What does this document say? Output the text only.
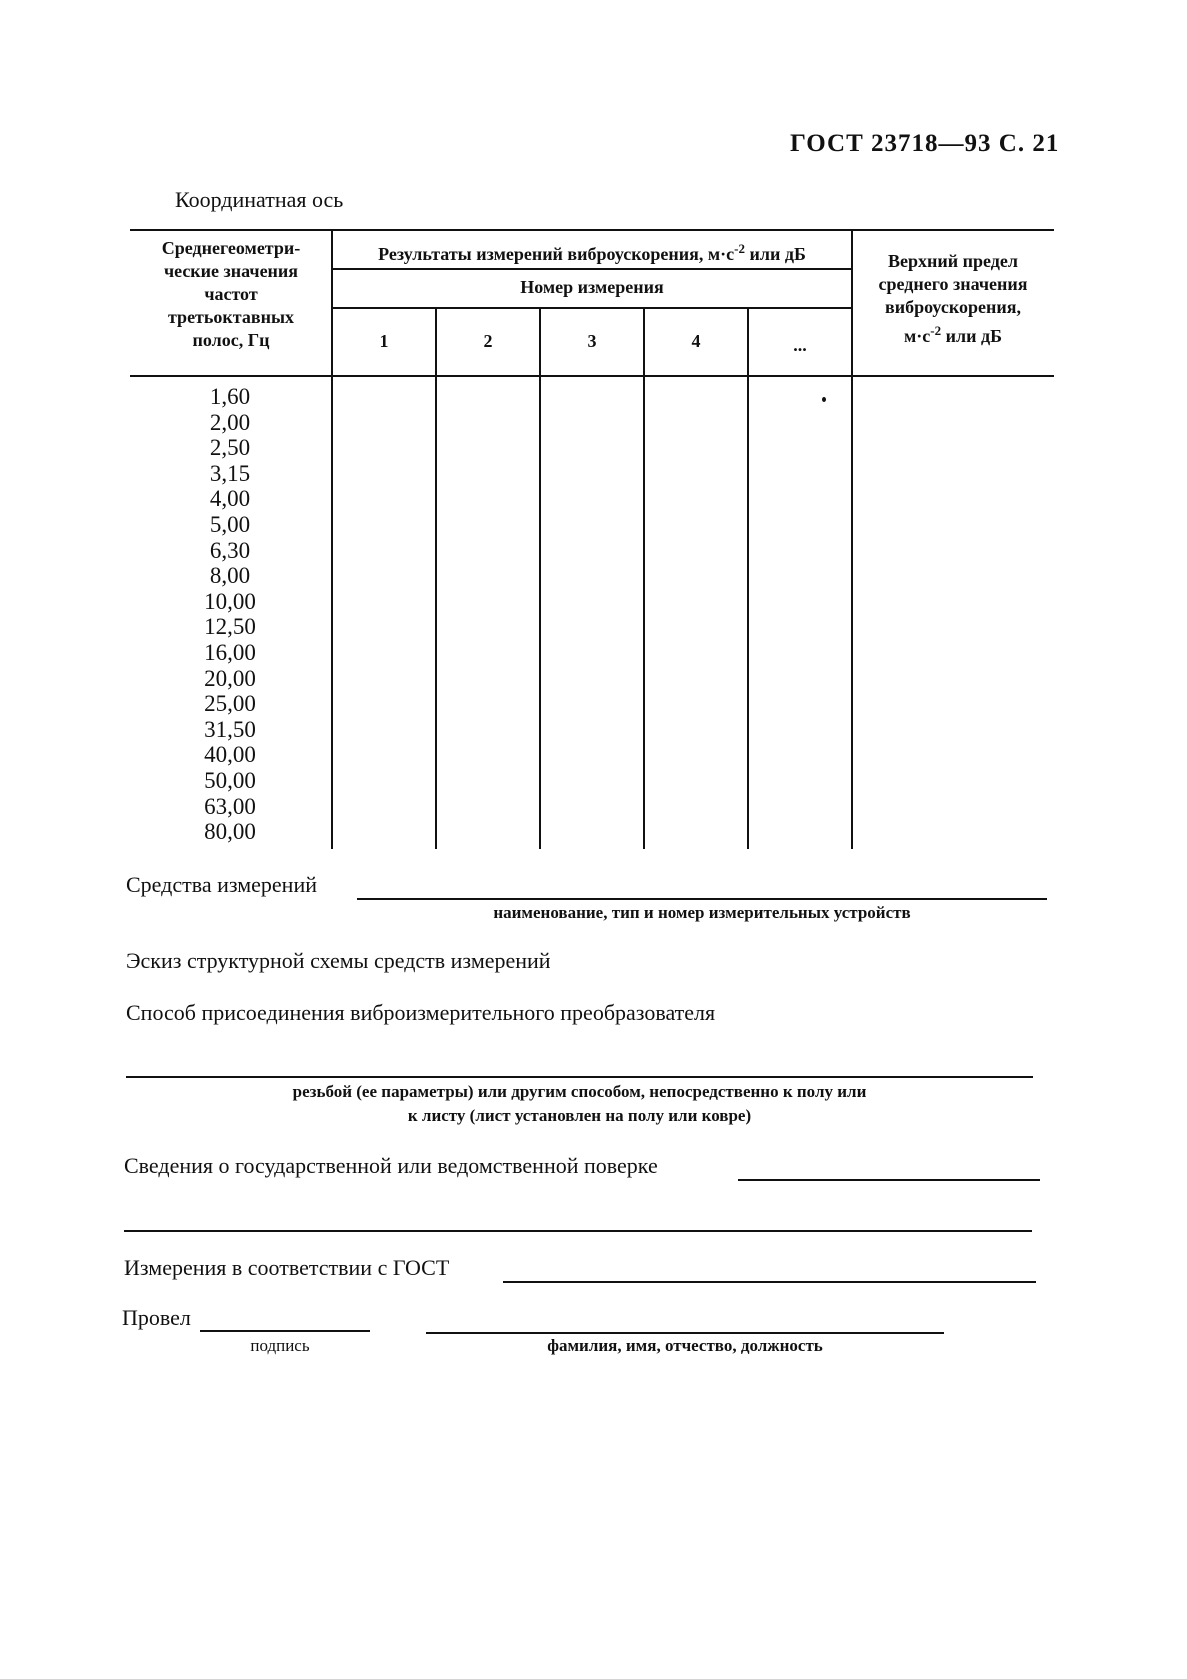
ГОСТ 23718—93 С. 21
Координатная ось
Среднегеометри-
ческие значения
частот
третьоктавных
полос, Гц
Результаты измерений виброускорения, $м\cdot с^{-2}$ или дБ
Номер измерения
1	2	3	4	...
Верхний предел
среднего значения
виброускорения,
$м\cdot с^{-2}$ или дБ
1,60
2,00
2,50
3,15
4,00
5,00
6,30
8,00
10,00
12,50
16,00
20,00
25,00
31,50
40,00
50,00
63,00
80,00
Средства измерений
наименование, тип и номер измерительных устройств
Эскиз структурной схемы средств измерений
Способ присоединения виброизмерительного преобразователя
резьбой (ее параметры) или другим способом, непосредственно к полу или
к листу (лист установлен на полу или ковре)
Сведения о государственной или ведомственной поверке
Измерения в соответствии с ГОСТ
Провел
подпись	фамилия, имя, отчество, должность
